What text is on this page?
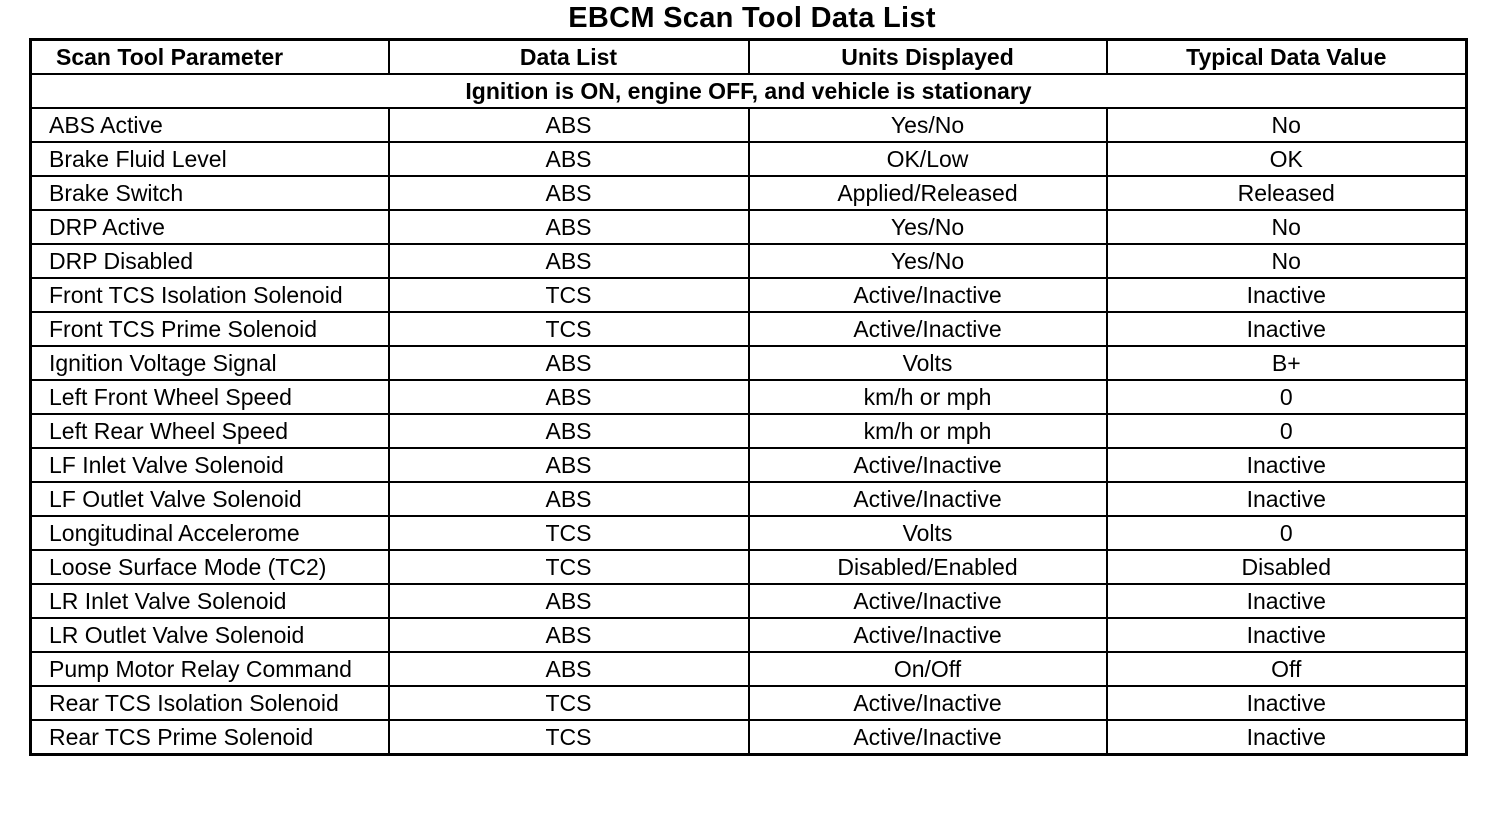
EBCM Scan Tool Data List
Scan Tool Parameter	Data List	Units Displayed	Typical Data Value
Ignition is ON, engine OFF, and vehicle is stationary			
ABS Active	ABS	Yes/No	No
Brake Fluid Level	ABS	OK/Low	OK
Brake Switch	ABS	Applied/Released	Released
DRP Active	ABS	Yes/No	No
DRP Disabled	ABS	Yes/No	No
Front TCS Isolation Solenoid	TCS	Active/Inactive	Inactive
Front TCS Prime Solenoid	TCS	Active/Inactive	Inactive
Ignition Voltage Signal	ABS	Volts	B+
Left Front Wheel Speed	ABS	km/h or mph	0
Left Rear Wheel Speed	ABS	km/h or mph	0
LF Inlet Valve Solenoid	ABS	Active/Inactive	Inactive
LF Outlet Valve Solenoid	ABS	Active/Inactive	Inactive
Longitudinal Accelerome	TCS	Volts	0
Loose Surface Mode (TC2)	TCS	Disabled/Enabled	Disabled
LR Inlet Valve Solenoid	ABS	Active/Inactive	Inactive
LR Outlet Valve Solenoid	ABS	Active/Inactive	Inactive
Pump Motor Relay Command	ABS	On/Off	Off
Rear TCS Isolation Solenoid	TCS	Active/Inactive	Inactive
Rear TCS Prime Solenoid	TCS	Active/Inactive	Inactive
